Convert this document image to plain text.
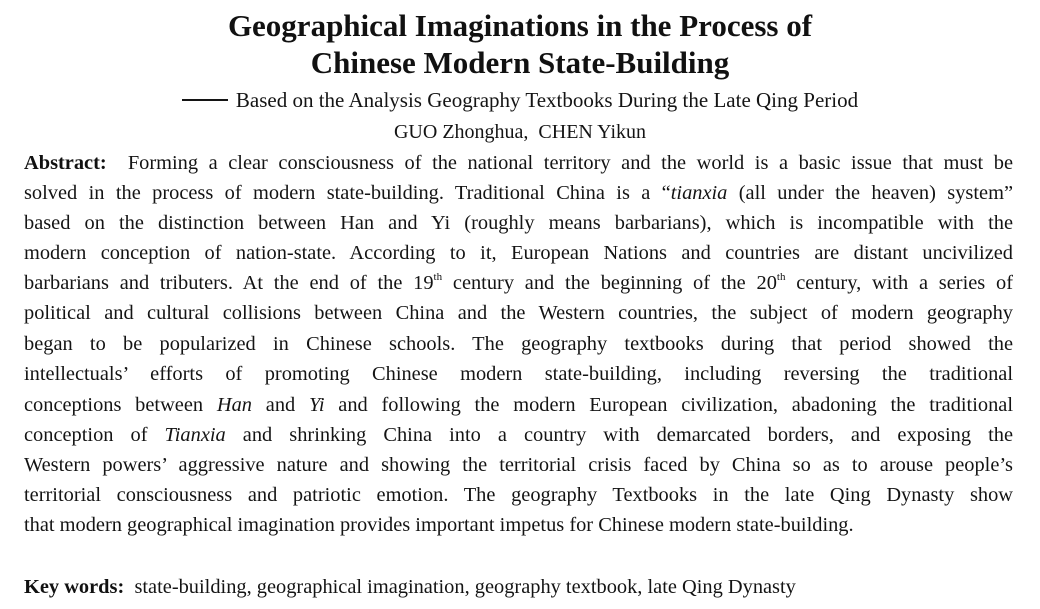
Geographical Imaginations in the Process of
Chinese Modern State-Building
Based on the Analysis Geography Textbooks During the Late Qing Period
GUO Zhonghua,  CHEN Yikun
Abstract: Forming a clear consciousness of the national territory and the world is a basic issue that must be
solved in the process of modern state-building. Traditional China is a “tianxia (all under the heaven) system”
based on the distinction between Han and Yi (roughly means barbarians), which is incompatible with the
modern conception of nation-state. According to it, European Nations and countries are distant uncivilized
barbarians and tributers. At the end of the 19th century and the beginning of the 20th century, with a series of
political and cultural collisions between China and the Western countries, the subject of modern geography
began to be popularized in Chinese schools. The geography textbooks during that period showed the
intellectuals’ efforts of promoting Chinese modern state-building, including reversing the traditional
conceptions between Han and Yi and following the modern European civilization, abadoning the traditional
conception of Tianxia and shrinking China into a country with demarcated borders, and exposing the
Western powers’ aggressive nature and showing the territorial crisis faced by China so as to arouse people’s
territorial consciousness and patriotic emotion. The geography Textbooks in the late Qing Dynasty show
that modern geographical imagination provides important impetus for Chinese modern state-building.
Key words: state-building, geographical imagination, geography textbook, late Qing Dynasty
